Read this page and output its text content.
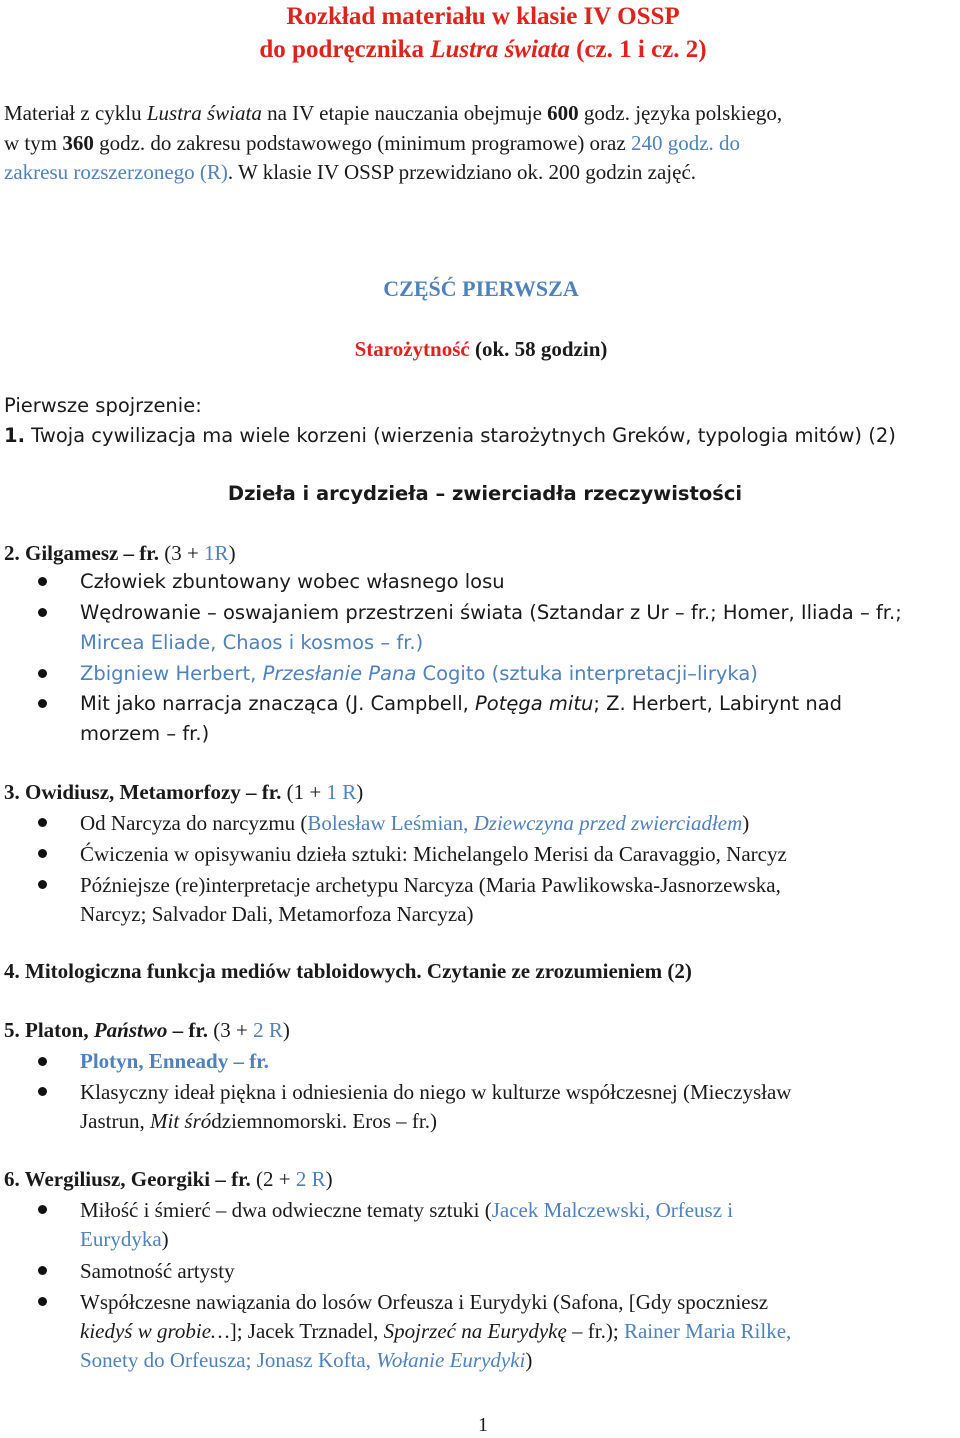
Rozkład materiału w klasie IV OSSP
do podręcznika Lustra świata (cz. 1 i cz. 2)
Materiał z cyklu Lustra świata na IV etapie nauczania obejmuje 600 godz. języka polskiego,
w tym 360 godz. do zakresu podstawowego (minimum programowe) oraz 240 godz. do
zakresu rozszerzonego (R). W klasie IV OSSP przewidziano ok. 200 godzin zajęć.
CZĘŚĆ PIERWSZA
Starożytność (ok. 58 godzin)
Pierwsze spojrzenie:
1. Twoja cywilizacja ma wiele korzeni (wierzenia starożytnych Greków, typologia mitów) (2)
Dzieła i arcydzieła – zwierciadła rzeczywistości
2. Gilgamesz – fr. (3 + 1R)
Człowiek zbuntowany wobec własnego losu
Wędrowanie – oswajaniem przestrzeni świata (Sztandar z Ur – fr.; Homer, Iliada – fr.;
Mircea Eliade, Chaos i kosmos – fr.)
Zbigniew Herbert, Przesłanie Pana Cogito (sztuka interpretacji–liryka)
Mit jako narracja znacząca (J. Campbell, Potęga mitu; Z. Herbert, Labirynt nad
morzem – fr.)
3. Owidiusz, Metamorfozy – fr. (1 + 1 R)
Od Narcyza do narcyzmu (Bolesław Leśmian, Dziewczyna przed zwierciadłem)
Ćwiczenia w opisywaniu dzieła sztuki: Michelangelo Merisi da Caravaggio, Narcyz
Późniejsze (re)interpretacje archetypu Narcyza (Maria Pawlikowska-Jasnorzewska,
Narcyz; Salvador Dali, Metamorfoza Narcyza)
4. Mitologiczna funkcja mediów tabloidowych. Czytanie ze zrozumieniem (2)
5. Platon, Państwo – fr. (3 + 2 R)
Plotyn, Enneady – fr.
Klasyczny ideał piękna i odniesienia do niego w kulturze współczesnej (Mieczysław
Jastrun, Mit śródziemnomorski. Eros – fr.)
6. Wergiliusz, Georgiki – fr. (2 + 2 R)
Miłość i śmierć – dwa odwieczne tematy sztuki (Jacek Malczewski, Orfeusz i
Eurydyka)
Samotność artysty
Współczesne nawiązania do losów Orfeusza i Eurydyki (Safona, [Gdy spoczniesz
kiedyś w grobie…]; Jacek Trznadel, Spojrzeć na Eurydykę – fr.); Rainer Maria Rilke,
Sonety do Orfeusza; Jonasz Kofta, Wołanie Eurydyki)
1
